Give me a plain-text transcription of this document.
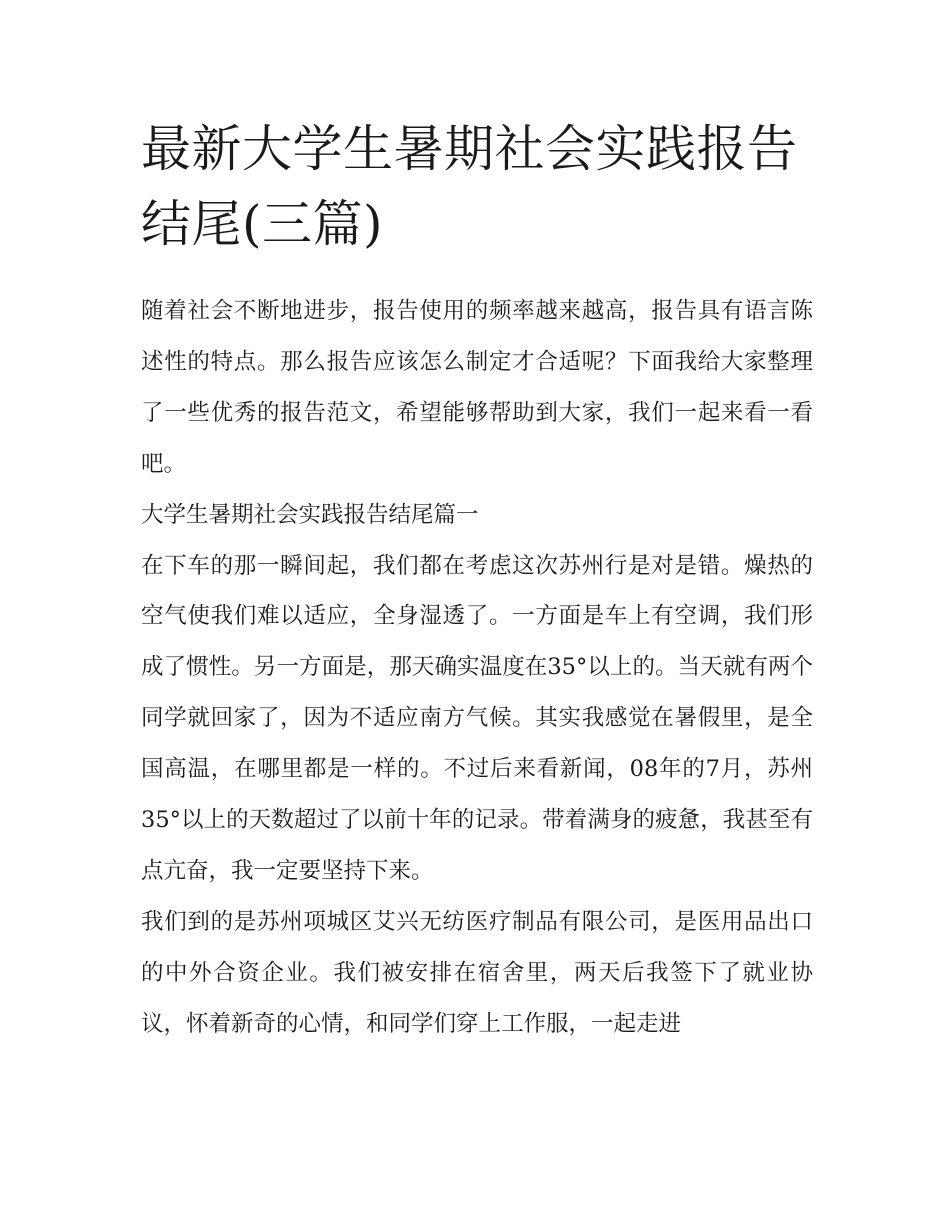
最新大学生暑期社会实践报告结尾(三篇)

随着社会不断地进步，报告使用的频率越来越高，报告具有语言陈述性的特点。那么报告应该怎么制定才合适呢？下面我给大家整理了一些优秀的报告范文，希望能够帮助到大家，我们一起来看一看吧。

大学生暑期社会实践报告结尾篇一

在下车的那一瞬间起，我们都在考虑这次苏州行是对是错。燥热的空气使我们难以适应，全身湿透了。一方面是车上有空调，我们形成了惯性。另一方面是，那天确实温度在35°以上的。当天就有两个同学就回家了，因为不适应南方气候。其实我感觉在暑假里，是全国高温，在哪里都是一样的。不过后来看新闻，08年的7月，苏州35°以上的天数超过了以前十年的记录。带着满身的疲惫，我甚至有点亢奋，我一定要坚持下来。

我们到的是苏州项城区艾兴无纺医疗制品有限公司，是医用品出口的中外合资企业。我们被安排在宿舍里，两天后我签下了就业协议，怀着新奇的心情，和同学们穿上工作服，一起走进
